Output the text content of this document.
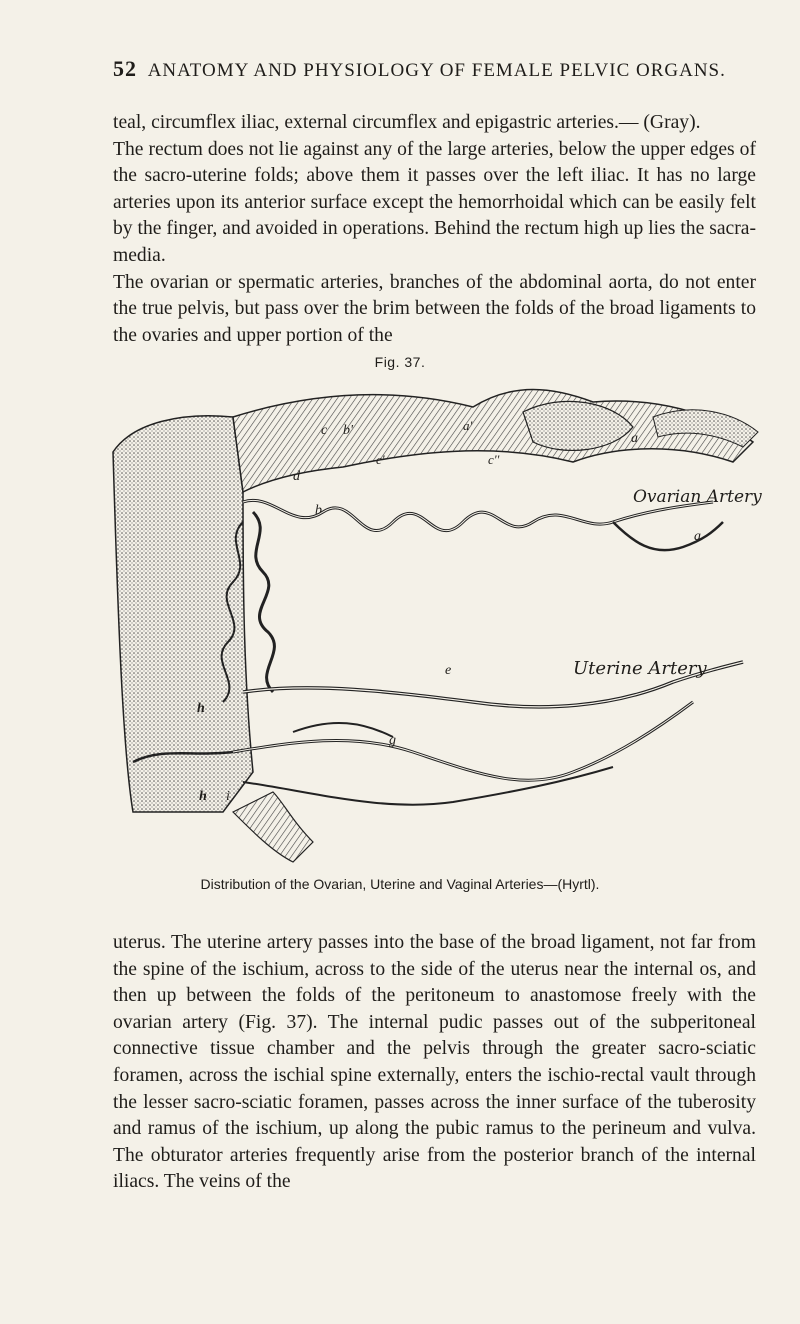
52 ANATOMY AND PHYSIOLOGY OF FEMALE PELVIC ORGANS.

teal, circumflex iliac, external circumflex and epigastric arteries.— (Gray).

The rectum does not lie against any of the large arteries, below the upper edges of the sacro-uterine folds; above them it passes over the left iliac. It has no large arteries upon its anterior surface except the hemorrhoidal which can be easily felt by the finger, and avoided in operations. Behind the rectum high up lies the sacra-media.

The ovarian or spermatic arteries, branches of the abdominal aorta, do not enter the true pelvis, but pass over the brim between the folds of the broad ligaments to the ovaries and upper portion of the

Fig. 37.
c b'	a'
c'	c''
a
d
b
a
e
g
h
h i
Ovarian Artery
Uterine Artery
Distribution of the Ovarian, Uterine and Vaginal Arteries—(Hyrtl).

uterus. The uterine artery passes into the base of the broad ligament, not far from the spine of the ischium, across to the side of the uterus near the internal os, and then up between the folds of the peritoneum to anastomose freely with the ovarian artery (Fig. 37). The internal pudic passes out of the subperitoneal connective tissue chamber and the pelvis through the greater sacro-sciatic foramen, across the ischial spine externally, enters the ischio-rectal vault through the lesser sacro-sciatic foramen, passes across the inner surface of the tuberosity and ramus of the ischium, up along the pubic ramus to the perineum and vulva. The obturator arteries frequently arise from the posterior branch of the internal iliacs. The veins of the
